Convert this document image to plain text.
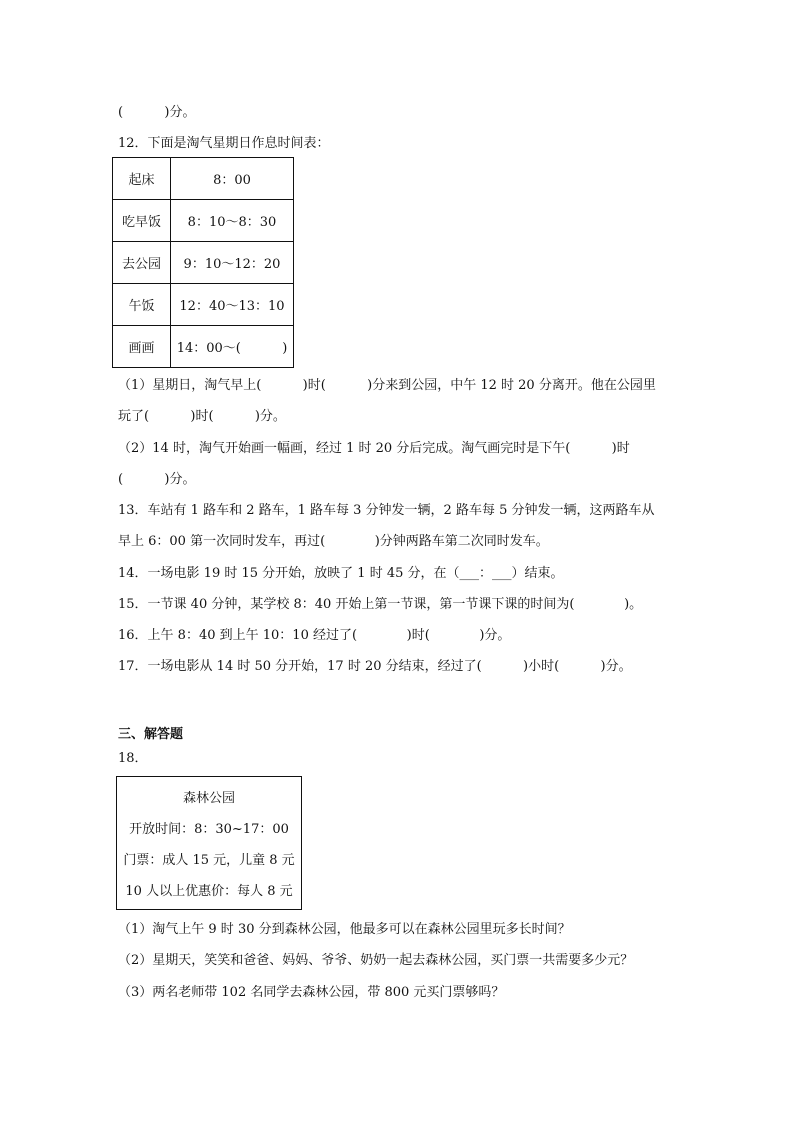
(          )分。
12．下面是淘气星期日作息时间表：
起床	8：00
吃早饭	8：10～8：30
去公园	9：10～12：20
午饭	12：40～13：10
画画	14：00～(          )
（1）星期日，淘气早上(          )时(          )分来到公园，中午 12 时 20 分离开。他在公园里
玩了(          )时(          )分。
（2）14 时，淘气开始画一幅画，经过 1 时 20 分后完成。淘气画完时是下午(          )时
(          )分。
13．车站有 1 路车和 2 路车，1 路车每 3 分钟发一辆，2 路车每 5 分钟发一辆，这两路车从
早上 6：00 第一次同时发车，再过(            )分钟两路车第二次同时发车。
14．一场电影 19 时 15 分开始，放映了 1 时 45 分，在（___：___）结束。
15．一节课 40 分钟，某学校 8：40 开始上第一节课，第一节课下课的时间为(            )。
16．上午 8：40 到上午 10：10 经过了(            )时(            )分。
17．一场电影从 14 时 50 分开始，17 时 20 分结束，经过了(          )小时(          )分。
三、解答题
18．
森林公园
开放时间：8：30~17：00
门票：成人 15 元，儿童 8 元
10 人以上优惠价：每人 8 元
（1）淘气上午 9 时 30 分到森林公园，他最多可以在森林公园里玩多长时间？
（2）星期天，笑笑和爸爸、妈妈、爷爷、奶奶一起去森林公园，买门票一共需要多少元？
（3）两名老师带 102 名同学去森林公园，带 800 元买门票够吗？
